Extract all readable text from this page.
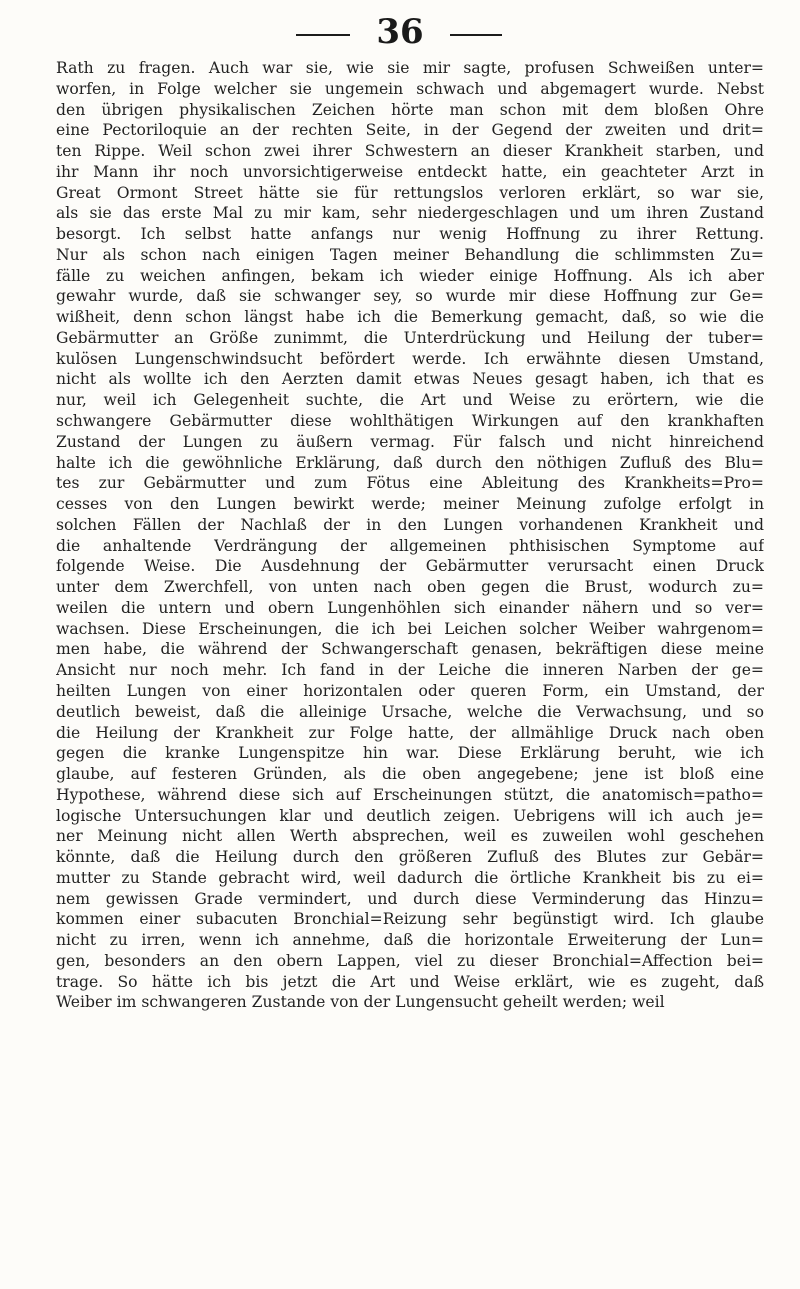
36
Rath zu fragen. Auch war sie, wie sie mir sagte, profusen Schweißen unter=
worfen, in Folge welcher sie ungemein schwach und abgemagert wurde. Nebst
den übrigen physikalischen Zeichen hörte man schon mit dem bloßen Ohre
eine Pectoriloquie an der rechten Seite, in der Gegend der zweiten und drit=
ten Rippe. Weil schon zwei ihrer Schwestern an dieser Krankheit starben, und
ihr Mann ihr noch unvorsichtigerweise entdeckt hatte, ein geachteter Arzt in
Great Ormont Street hätte sie für rettungslos verloren erklärt, so war sie,
als sie das erste Mal zu mir kam, sehr niedergeschlagen und um ihren Zustand
besorgt. Ich selbst hatte anfangs nur wenig Hoffnung zu ihrer Rettung.
Nur als schon nach einigen Tagen meiner Behandlung die schlimmsten Zu=
fälle zu weichen anfingen, bekam ich wieder einige Hoffnung. Als ich aber
gewahr wurde, daß sie schwanger sey, so wurde mir diese Hoffnung zur Ge=
wißheit, denn schon längst habe ich die Bemerkung gemacht, daß, so wie die
Gebärmutter an Größe zunimmt, die Unterdrückung und Heilung der tuber=
kulösen Lungenschwindsucht befördert werde. Ich erwähnte diesen Umstand,
nicht als wollte ich den Aerzten damit etwas Neues gesagt haben, ich that es
nur, weil ich Gelegenheit suchte, die Art und Weise zu erörtern, wie die
schwangere Gebärmutter diese wohlthätigen Wirkungen auf den krankhaften
Zustand der Lungen zu äußern vermag. Für falsch und nicht hinreichend
halte ich die gewöhnliche Erklärung, daß durch den nöthigen Zufluß des Blu=
tes zur Gebärmutter und zum Fötus eine Ableitung des Krankheits=Pro=
cesses von den Lungen bewirkt werde; meiner Meinung zufolge erfolgt in
solchen Fällen der Nachlaß der in den Lungen vorhandenen Krankheit und
die anhaltende Verdrängung der allgemeinen phthisischen Symptome auf
folgende Weise. Die Ausdehnung der Gebärmutter verursacht einen Druck
unter dem Zwerchfell, von unten nach oben gegen die Brust, wodurch zu=
weilen die untern und obern Lungenhöhlen sich einander nähern und so ver=
wachsen. Diese Erscheinungen, die ich bei Leichen solcher Weiber wahrgenom=
men habe, die während der Schwangerschaft genasen, bekräftigen diese meine
Ansicht nur noch mehr. Ich fand in der Leiche die inneren Narben der ge=
heilten Lungen von einer horizontalen oder queren Form, ein Umstand, der
deutlich beweist, daß die alleinige Ursache, welche die Verwachsung, und so
die Heilung der Krankheit zur Folge hatte, der allmählige Druck nach oben
gegen die kranke Lungenspitze hin war. Diese Erklärung beruht, wie ich
glaube, auf festeren Gründen, als die oben angegebene; jene ist bloß eine
Hypothese, während diese sich auf Erscheinungen stützt, die anatomisch=patho=
logische Untersuchungen klar und deutlich zeigen. Uebrigens will ich auch je=
ner Meinung nicht allen Werth absprechen, weil es zuweilen wohl geschehen
könnte, daß die Heilung durch den größeren Zufluß des Blutes zur Gebär=
mutter zu Stande gebracht wird, weil dadurch die örtliche Krankheit bis zu ei=
nem gewissen Grade vermindert, und durch diese Verminderung das Hinzu=
kommen einer subacuten Bronchial=Reizung sehr begünstigt wird. Ich glaube
nicht zu irren, wenn ich annehme, daß die horizontale Erweiterung der Lun=
gen, besonders an den obern Lappen, viel zu dieser Bronchial=Affection bei=
trage. So hätte ich bis jetzt die Art und Weise erklärt, wie es zugeht, daß
Weiber im schwangeren Zustande von der Lungensucht geheilt werden; weil
